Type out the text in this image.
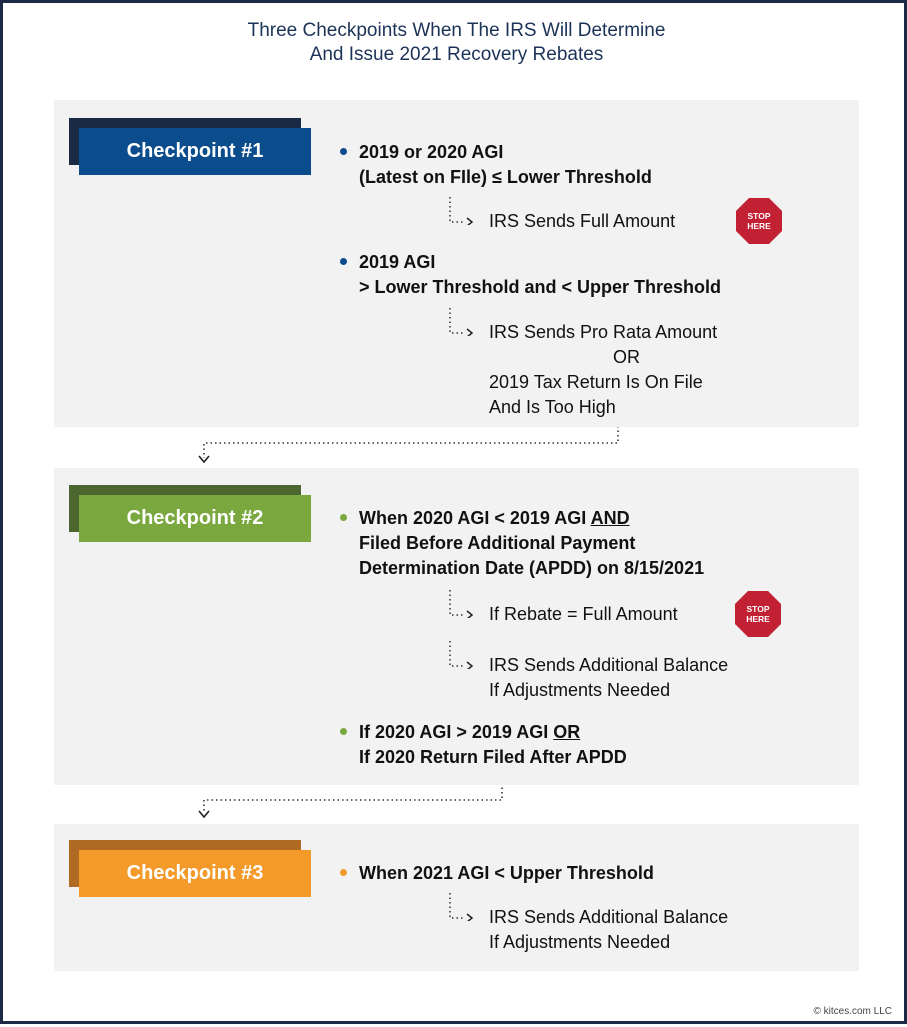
Three Checkpoints When The IRS Will Determine
And Issue 2021 Recovery Rebates
Checkpoint #1	2019 or 2020 AGI
(Latest on FIle) ≤ Lower Threshold
IRS Sends Full Amount	STOP
HERE
2019 AGI
> Lower Threshold and < Upper Threshold
IRS Sends Pro Rata Amount
OR
2019 Tax Return Is On File
And Is Too High
Checkpoint #2	When 2020 AGI < 2019 AGI AND
Filed Before Additional Payment
Determination Date (APDD) on 8/15/2021
If Rebate = Full Amount	STOP
HERE
IRS Sends Additional Balance
If Adjustments Needed
If 2020 AGI > 2019 AGI OR
If 2020 Return Filed After APDD
Checkpoint #3	When 2021 AGI < Upper Threshold
IRS Sends Additional Balance
If Adjustments Needed
© kitces.com LLC
